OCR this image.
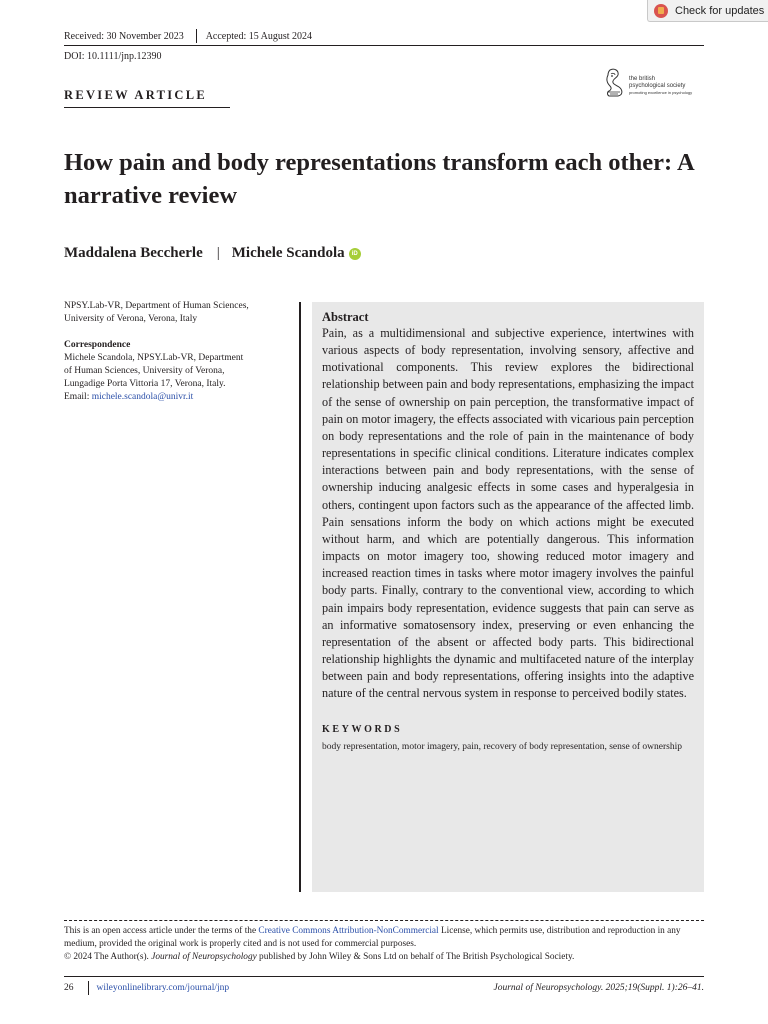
Check for updates
Received: 30 November 2023 Accepted: 15 August 2024
DOI: 10.1111/jnp.12390
REVIEW ARTICLE
the british
psychological society
promoting excellence in psychology
How pain and body representations transform each other: A narrative review
Maddalena Beccherle | Michele Scandola	iD
NPSY.Lab-VR, Department of Human Sciences,
University of Verona, Verona, Italy
Correspondence
Michele Scandola, NPSY.Lab-VR, Department
of Human Sciences, University of Verona,
Lungadige Porta Vittoria 17, Verona, Italy.
Email: michele.scandola@univr.it
Abstract

Pain, as a multidimensional and subjective experience, intertwines with various aspects of body representation, involving sensory, affective and motivational components. This review explores the bidirectional relationship between pain and body representations, emphasizing the impact of the sense of ownership on pain perception, the transformative impact of pain on motor imagery, the effects associated with vicarious pain perception on body representations and the role of pain in the maintenance of body representations in specific clinical conditions. Literature indicates complex interactions between pain and body representations, with the sense of ownership inducing analgesic effects in some cases and hyperalgesia in others, contingent upon factors such as the appearance of the affected limb. Pain sensations inform the body on which actions might be executed without harm, and which are potentially dangerous. This information impacts on motor imagery too, showing reduced motor imagery and increased reaction times in tasks where motor imagery involves the painful body parts. Finally, contrary to the conventional view, according to which pain impairs body representation, evidence suggests that pain can serve as an informative somatosensory index, preserving or even enhancing the representation of the absent or affected body parts. This bidirectional relationship highlights the dynamic and multifaceted nature of the interplay between pain and body representations, offering insights into the adaptive nature of the central nervous system in response to perceived bodily states.

KEYWORDS
body representation, motor imagery, pain, recovery of body representation, sense of ownership
This is an open access article under the terms of the Creative Commons Attribution-NonCommercial License, which permits use, distribution and reproduction in any medium, provided the original work is properly cited and is not used for commercial purposes.
© 2024 The Author(s). Journal of Neuropsychology published by John Wiley & Sons Ltd on behalf of The British Psychological Society.
26 wileyonlinelibrary.com/journal/jnp	Journal of Neuropsychology. 2025;19(Suppl. 1):26–41.
